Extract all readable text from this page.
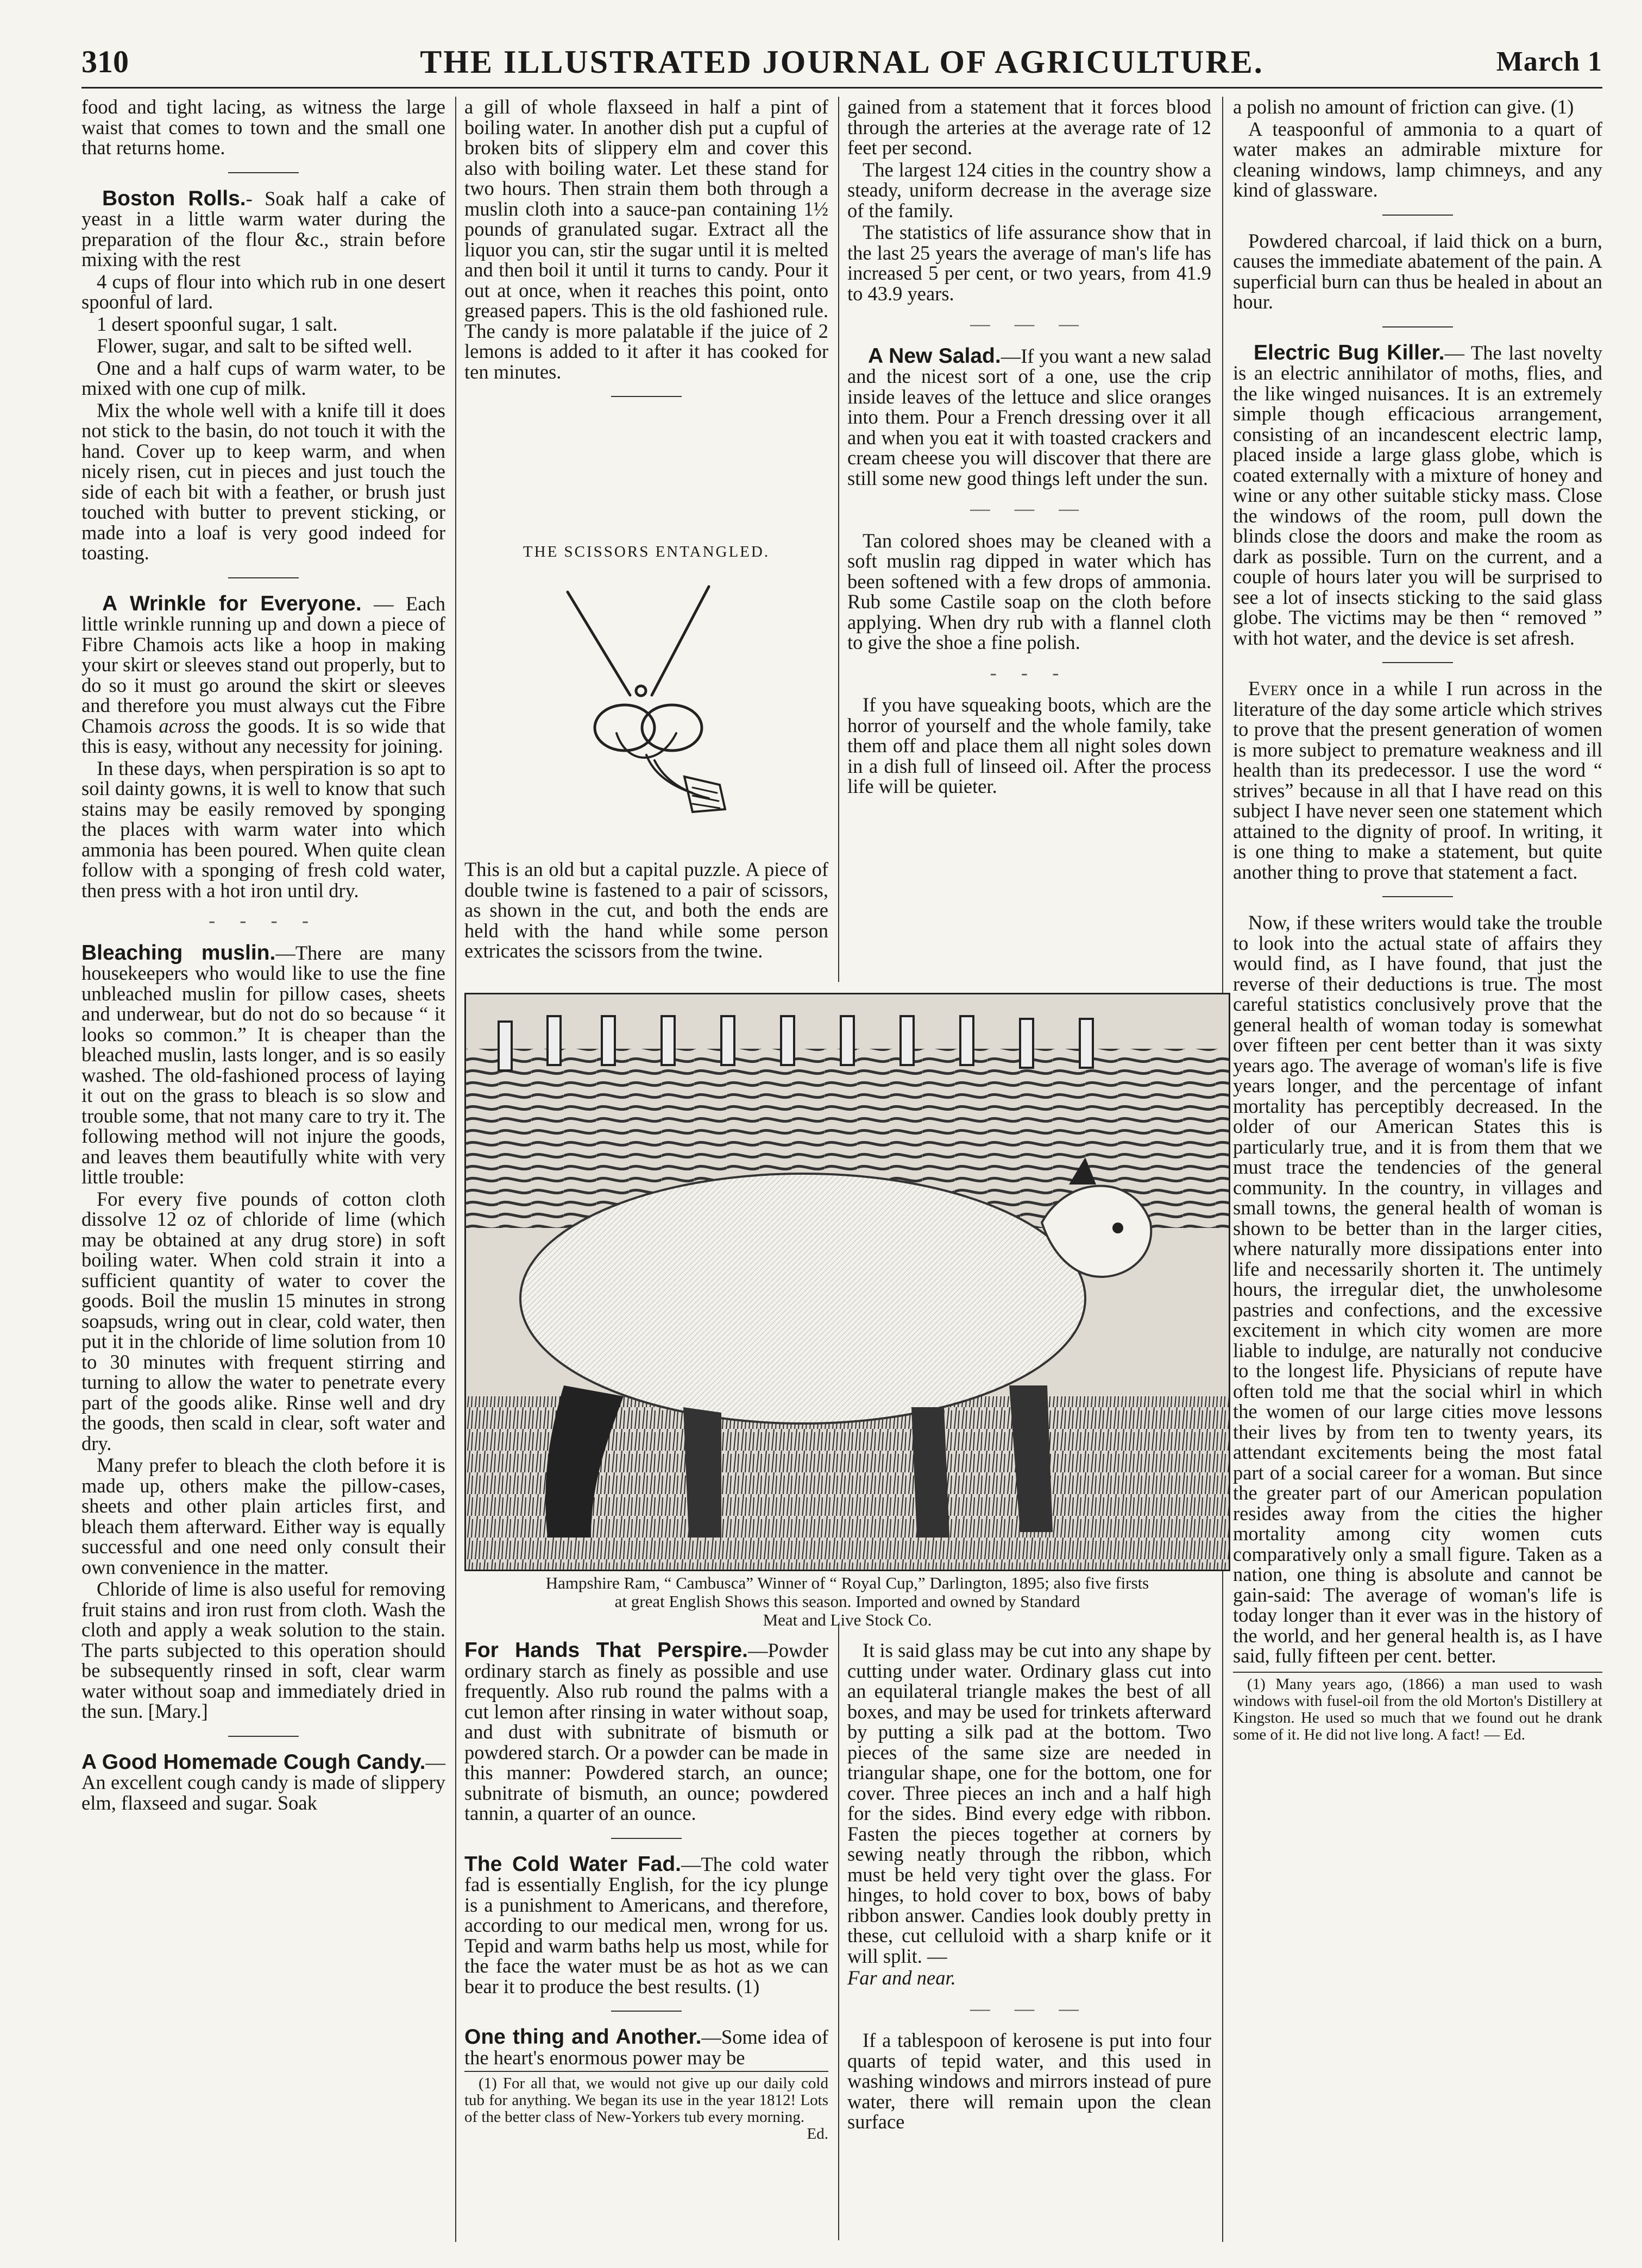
310	THE ILLUSTRATED JOURNAL OF AGRICULTURE.	March 1

food and tight lacing, as witness the large waist that comes to town and the small one that returns home.

Boston Rolls.- Soak half a cake of yeast in a little warm water during the preparation of the flour &c., strain before mixing with the rest

4 cups of flour into which rub in one desert spoonful of lard.

1 desert spoonful sugar, 1 salt.

Flower, sugar, and salt to be sifted well.

One and a half cups of warm water, to be mixed with one cup of milk.

Mix the whole well with a knife till it does not stick to the basin, do not touch it with the hand. Cover up to keep warm, and when nicely risen, cut in pieces and just touch the side of each bit with a feather, or brush just touched with butter to prevent sticking, or made into a loaf is very good indeed for toasting.

A Wrinkle for Everyone. — Each little wrinkle running up and down a piece of Fibre Chamois acts like a hoop in making your skirt or sleeves stand out properly, but to do so it must go around the skirt or sleeves and therefore you must always cut the Fibre Chamois across the goods. It is so wide that this is easy, without any necessity for joining.

In these days, when perspiration is so apt to soil dainty gowns, it is well to know that such stains may be easily removed by sponging the places with warm water into which ammonia has been poured. When quite clean follow with a sponging of fresh cold water, then press with a hot iron until dry.

- - - -

Bleaching muslin.—There are many housekeepers who would like to use the fine unbleached muslin for pillow cases, sheets and underwear, but do not do so because “ it looks so common.” It is cheaper than the bleached muslin, lasts longer, and is so easily washed. The old-fashioned process of laying it out on the grass to bleach is so slow and trouble some, that not many care to try it. The following method will not injure the goods, and leaves them beautifully white with very little trouble:

For every five pounds of cotton cloth dissolve 12 oz of chloride of lime (which may be obtained at any drug store) in soft boiling water. When cold strain it into a sufficient quantity of water to cover the goods. Boil the muslin 15 minutes in strong soapsuds, wring out in clear, cold water, then put it in the chloride of lime solution from 10 to 30 minutes with frequent stirring and turning to allow the water to penetrate every part of the goods alike. Rinse well and dry the goods, then scald in clear, soft water and dry.

Many prefer to bleach the cloth before it is made up, others make the pillow-cases, sheets and other plain articles first, and bleach them afterward. Either way is equally successful and one need only consult their own convenience in the matter.

Chloride of lime is also useful for removing fruit stains and iron rust from cloth. Wash the cloth and apply a weak solution to the stain. The parts subjected to this operation should be subsequently rinsed in soft, clear warm water without soap and immediately dried in the sun. [Mary.]

A Good Homemade Cough Candy.— An excellent cough candy is made of slippery elm, flaxseed and sugar. Soak

a gill of whole flaxseed in half a pint of boiling water. In another dish put a cupful of broken bits of slippery elm and cover this also with boiling water. Let these stand for two hours. Then strain them both through a muslin cloth into a sauce-pan containing 1½ pounds of granulated sugar. Extract all the liquor you can, stir the sugar until it is melted and then boil it until it turns to candy. Pour it out at once, when it reaches this point, onto greased papers. This is the old fashioned rule. The candy is more palatable if the juice of 2 lemons is added to it after it has cooked for ten minutes.

THE SCISSORS ENTANGLED.

This is an old but a capital puzzle. A piece of double twine is fastened to a pair of scissors, as shown in the cut, and both the ends are held with the hand while some person extricates the scissors from the twine.

Hampshire Ram, “ Cambusca” Winner of “ Royal Cup,” Darlington, 1895; also five firsts
at great English Shows this season. Imported and owned by Standard
Meat and Live Stock Co.

For Hands That Perspire.—Powder ordinary starch as finely as possible and use frequently. Also rub round the palms with a cut lemon after rinsing in water without soap, and dust with subnitrate of bismuth or powdered starch. Or a powder can be made in this manner: Powdered starch, an ounce; subnitrate of bismuth, an ounce; powdered tannin, a quarter of an ounce.

The Cold Water Fad.—The cold water fad is essentially English, for the icy plunge is a punishment to Americans, and therefore, according to our medical men, wrong for us. Tepid and warm baths help us most, while for the face the water must be as hot as we can bear it to produce the best results. (1)

One thing and Another.—Some idea of the heart's enormous power may be

(1) For all that, we would not give up our daily cold tub for anything. We began its use in the year 1812! Lots of the better class of New-Yorkers tub every morning.

Ed.

gained from a statement that it forces blood through the arteries at the average rate of 12 feet per second.

The largest 124 cities in the country show a steady, uniform decrease in the average size of the family.

The statistics of life assurance show that in the last 25 years the average of man's life has increased 5 per cent, or two years, from 41.9 to 43.9 years.

— — —

A New Salad.—If you want a new salad and the nicest sort of a one, use the crip inside leaves of the lettuce and slice oranges into them. Pour a French dressing over it all and when you eat it with toasted crackers and cream cheese you will discover that there are still some new good things left under the sun.

— — —

Tan colored shoes may be cleaned with a soft muslin rag dipped in water which has been softened with a few drops of ammonia. Rub some Castile soap on the cloth before applying. When dry rub with a flannel cloth to give the shoe a fine polish.

- - -

If you have squeaking boots, which are the horror of yourself and the whole family, take them off and place them all night soles down in a dish full of linseed oil. After the process life will be quieter.

It is said glass may be cut into any shape by cutting under water. Ordinary glass cut into an equilateral triangle makes the best of all boxes, and may be used for trinkets afterward by putting a silk pad at the bottom. Two pieces of the same size are needed in triangular shape, one for the bottom, one for cover. Three pieces an inch and a half high for the sides. Bind every edge with ribbon. Fasten the pieces together at corners by sewing neatly through the ribbon, which must be held very tight over the glass. For hinges, to hold cover to box, bows of baby ribbon answer. Candies look doubly pretty in these, cut celluloid with a sharp knife or it will split. —

Far and near.

— — —

If a tablespoon of kerosene is put into four quarts of tepid water, and this used in washing windows and mirrors instead of pure water, there will remain upon the clean surface

a polish no amount of friction can give. (1)

A teaspoonful of ammonia to a quart of water makes an admirable mixture for cleaning windows, lamp chimneys, and any kind of glassware.

Powdered charcoal, if laid thick on a burn, causes the immediate abatement of the pain. A superficial burn can thus be healed in about an hour.

Electric Bug Killer.— The last novelty is an electric annihilator of moths, flies, and the like winged nuisances. It is an extremely simple though efficacious arrangement, consisting of an incandescent electric lamp, placed inside a large glass globe, which is coated externally with a mixture of honey and wine or any other suitable sticky mass. Close the windows of the room, pull down the blinds close the doors and make the room as dark as possible. Turn on the current, and a couple of hours later you will be surprised to see a lot of insects sticking to the said glass globe. The victims may be then “ removed ” with hot water, and the device is set afresh.

Every once in a while I run across in the literature of the day some article which strives to prove that the present generation of women is more subject to premature weakness and ill health than its predecessor. I use the word “ strives” because in all that I have read on this subject I have never seen one statement which attained to the dignity of proof. In writing, it is one thing to make a statement, but quite another thing to prove that statement a fact.

Now, if these writers would take the trouble to look into the actual state of affairs they would find, as I have found, that just the reverse of their deductions is true. The most careful statistics conclusively prove that the general health of woman today is somewhat over fifteen per cent better than it was sixty years ago. The average of woman's life is five years longer, and the percentage of infant mortality has perceptibly decreased. In the older of our American States this is particularly true, and it is from them that we must trace the tendencies of the general community. In the country, in villages and small towns, the general health of woman is shown to be better than in the larger cities, where naturally more dissipations enter into life and necessarily shorten it. The untimely hours, the irregular diet, the unwholesome pastries and confections, and the excessive excitement in which city women are more liable to indulge, are naturally not conducive to the longest life. Physicians of repute have often told me that the social whirl in which the women of our large cities move lessons their lives by from ten to twenty years, its attendant excitements being the most fatal part of a social career for a woman. But since the greater part of our American population resides away from the cities the higher mortality among city women cuts comparatively only a small figure. Taken as a nation, one thing is absolute and cannot be gain-said: The average of woman's life is today longer than it ever was in the history of the world, and her general health is, as I have said, fully fifteen per cent. better.

(1) Many years ago, (1866) a man used to wash windows with fusel-oil from the old Morton's Distillery at Kingston. He used so much that we found out he drank some of it. He did not live long. A fact! — Ed.
